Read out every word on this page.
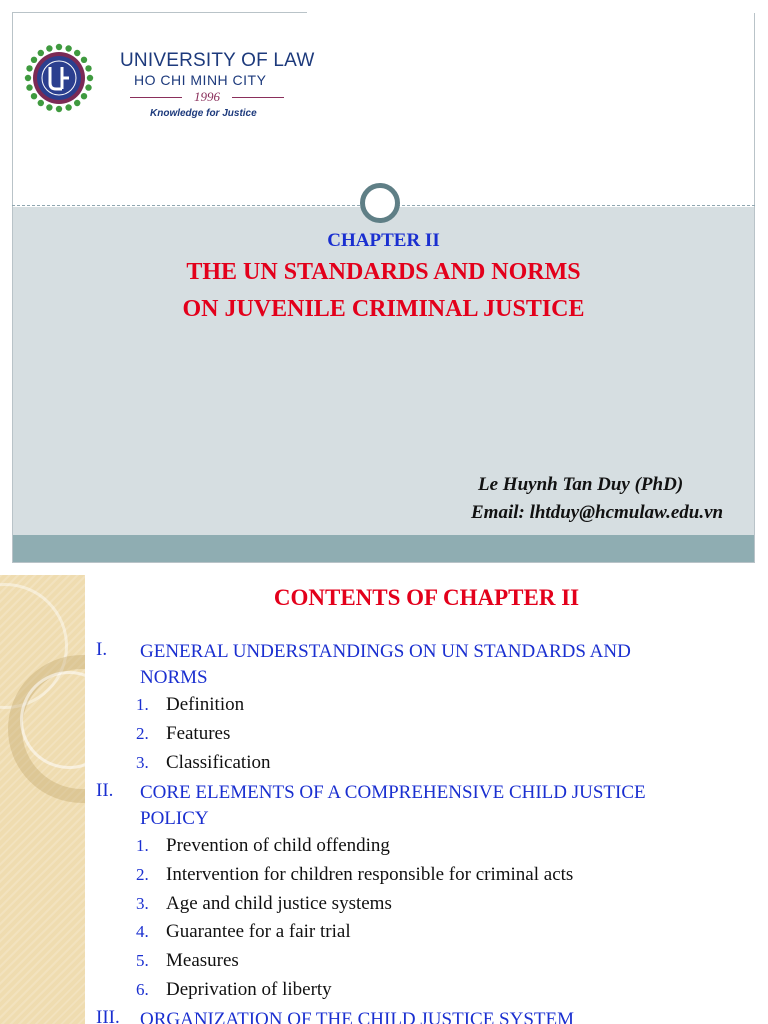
UNIVERSITY OF LAW
HO CHI MINH CITY
1996
Knowledge for Justice
CHAPTER II
THE UN STANDARDS AND NORMS
ON JUVENILE CRIMINAL JUSTICE
Le Huynh Tan Duy (PhD)
Email: lhtduy@hcmulaw.edu.vn
CONTENTS OF CHAPTER II
I.	GENERAL UNDERSTANDINGS ON UN STANDARDS AND NORMS
1. Definition
2. Features
3. Classification
II.	CORE ELEMENTS OF A COMPREHENSIVE CHILD JUSTICE POLICY
1. Prevention of child offending
2. Intervention for children responsible for criminal acts
3. Age and child justice systems
4. Guarantee for a fair trial
5. Measures
6. Deprivation of liberty
III.	ORGANIZATION OF THE CHILD JUSTICE SYSTEM
